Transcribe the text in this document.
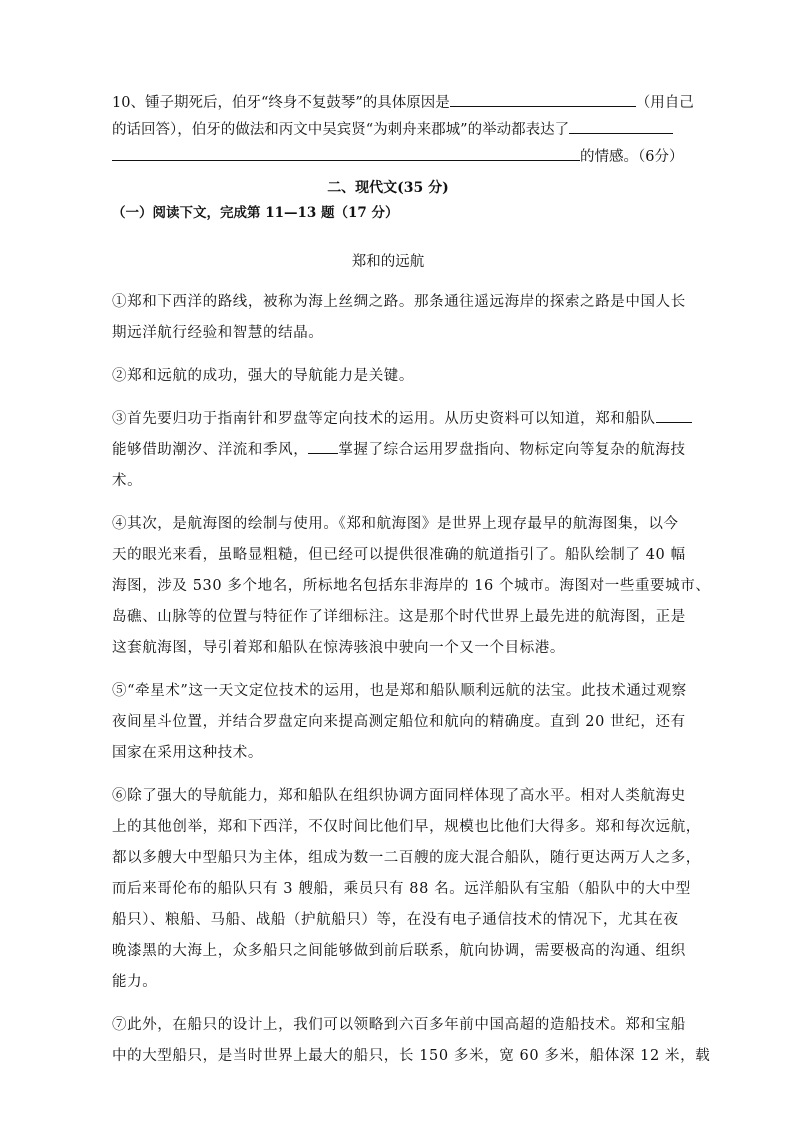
10、锺子期死后，伯牙“终身不复鼓琴”的具体原因是	（用自己
的话回答），伯牙的做法和丙文中吴宾贤“为刺舟来郡城”的举动都表达了
的情感。（6分）
二、现代文(35 分)
（一）阅读下文，完成第 11—13 题（17 分）
郑和的远航
①郑和下西洋的路线，被称为海上丝绸之路。那条通往遥远海岸的探索之路是中国人长
期远洋航行经验和智慧的结晶。
②郑和远航的成功，强大的导航能力是关键。
③首先要归功于指南针和罗盘等定向技术的运用。从历史资料可以知道，郑和船队
能够借助潮汐、洋流和季风， 掌握了综合运用罗盘指向、物标定向等复杂的航海技
术。
④其次，是航海图的绘制与使用。《郑和航海图》是世界上现存最早的航海图集，以今
天的眼光来看，虽略显粗糙，但已经可以提供很准确的航道指引了。船队绘制了 40 幅
海图，涉及 530 多个地名，所标地名包括东非海岸的 16 个城市。海图对一些重要城市、
岛礁、山脉等的位置与特征作了详细标注。这是那个时代世界上最先进的航海图，正是
这套航海图，导引着郑和船队在惊涛骇浪中驶向一个又一个目标港。
⑤“牵星术”这一天文定位技术的运用，也是郑和船队顺利远航的法宝。此技术通过观察
夜间星斗位置，并结合罗盘定向来提高测定船位和航向的精确度。直到 20 世纪，还有
国家在采用这种技术。
⑥除了强大的导航能力，郑和船队在组织协调方面同样体现了高水平。相对人类航海史
上的其他创举，郑和下西洋，不仅时间比他们早，规模也比他们大得多。郑和每次远航，
都以多艘大中型船只为主体，组成为数一二百艘的庞大混合船队，随行更达两万人之多，
而后来哥伦布的船队只有 3 艘船，乘员只有 88 名。远洋船队有宝船（船队中的大中型
船只）、粮船、马船、战船（护航船只）等，在没有电子通信技术的情况下，尤其在夜
晚漆黑的大海上，众多船只之间能够做到前后联系，航向协调，需要极高的沟通、组织
能力。
⑦此外，在船只的设计上，我们可以领略到六百多年前中国高超的造船技术。郑和宝船
中的大型船只，是当时世界上最大的船只，长 150 多米，宽 60 多米，船体深 12 米，载
